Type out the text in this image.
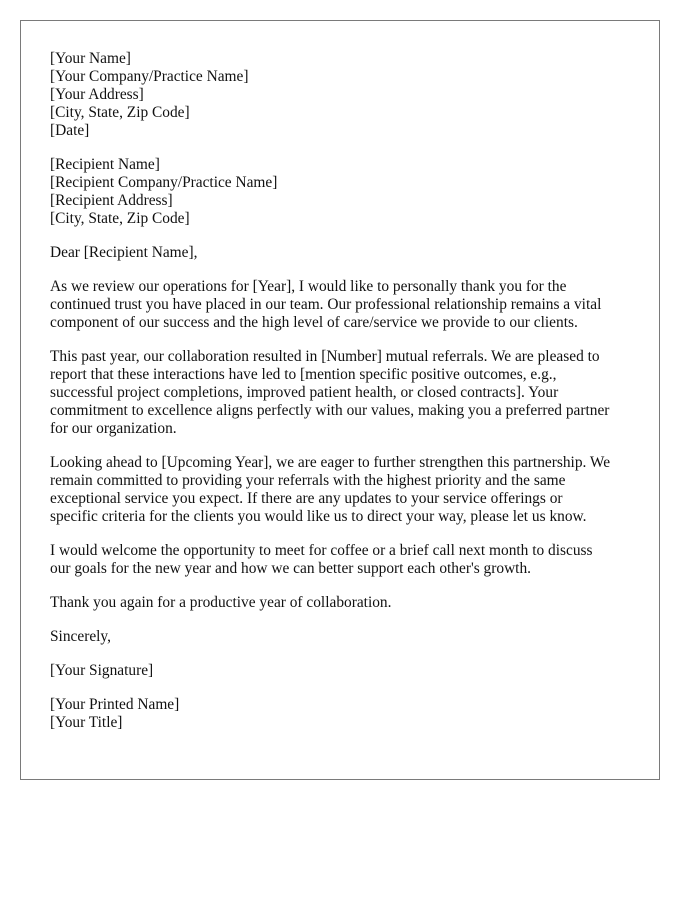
[Your Name]
[Your Company/Practice Name]
[Your Address]
[City, State, Zip Code]
[Date]
[Recipient Name]
[Recipient Company/Practice Name]
[Recipient Address]
[City, State, Zip Code]

Dear [Recipient Name],

As we review our operations for [Year], I would like to personally thank you for the
continued trust you have placed in our team. Our professional relationship remains a vital
component of our success and the high level of care/service we provide to our clients.

This past year, our collaboration resulted in [Number] mutual referrals. We are pleased to
report that these interactions have led to [mention specific positive outcomes, e.g.,
successful project completions, improved patient health, or closed contracts]. Your
commitment to excellence aligns perfectly with our values, making you a preferred partner
for our organization.

Looking ahead to [Upcoming Year], we are eager to further strengthen this partnership. We
remain committed to providing your referrals with the highest priority and the same
exceptional service you expect. If there are any updates to your service offerings or
specific criteria for the clients you would like us to direct your way, please let us know.

I would welcome the opportunity to meet for coffee or a brief call next month to discuss
our goals for the new year and how we can better support each other's growth.

Thank you again for a productive year of collaboration.

Sincerely,

[Your Signature]

[Your Printed Name]
[Your Title]
